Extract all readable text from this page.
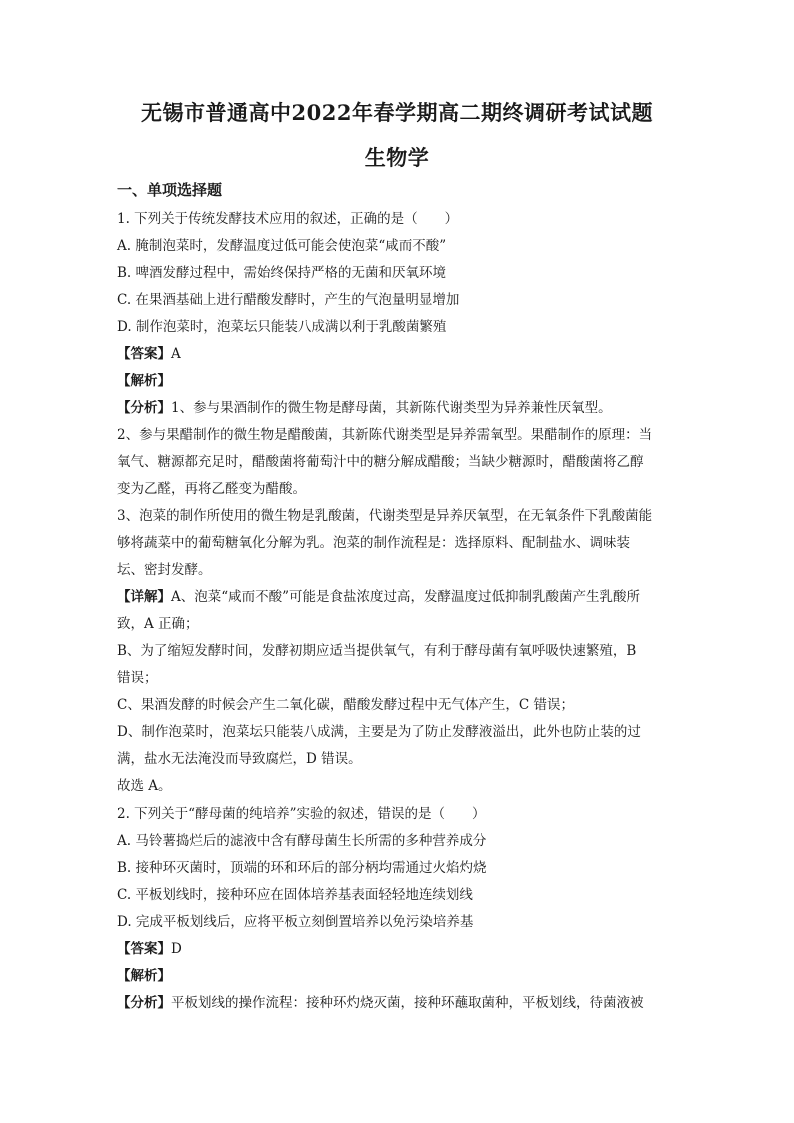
无锡市普通高中2022年春学期高二期终调研考试试题
生物学
一、单项选择题
1. 下列关于传统发酵技术应用的叙述，正确的是（　　）
A. 腌制泡菜时，发酵温度过低可能会使泡菜“咸而不酸”
B. 啤酒发酵过程中，需始终保持严格的无菌和厌氧环境
C. 在果酒基础上进行醋酸发酵时，产生的气泡量明显增加
D. 制作泡菜时，泡菜坛只能装八成满以利于乳酸菌繁殖
【答案】A
【解析】
【分析】1、参与果酒制作的微生物是酵母菌，其新陈代谢类型为异养兼性厌氧型。
2、参与果醋制作的微生物是醋酸菌，其新陈代谢类型是异养需氧型。果醋制作的原理：当
氧气、糖源都充足时，醋酸菌将葡萄汁中的糖分解成醋酸；当缺少糖源时，醋酸菌将乙醇
变为乙醛，再将乙醛变为醋酸。
3、泡菜的制作所使用的微生物是乳酸菌，代谢类型是异养厌氧型，在无氧条件下乳酸菌能
够将蔬菜中的葡萄糖氧化分解为乳。泡菜的制作流程是：选择原料、配制盐水、调味装
坛、密封发酵。
【详解】A、泡菜“咸而不酸”可能是食盐浓度过高，发酵温度过低抑制乳酸菌产生乳酸所
致，A 正确；
B、为了缩短发酵时间，发酵初期应适当提供氧气，有利于酵母菌有氧呼吸快速繁殖，B
错误；
C、果酒发酵的时候会产生二氧化碳，醋酸发酵过程中无气体产生，C 错误；
D、制作泡菜时，泡菜坛只能装八成满，主要是为了防止发酵液溢出，此外也防止装的过
满，盐水无法淹没而导致腐烂，D 错误。
故选 A。
2. 下列关于“酵母菌的纯培养”实验的叙述，错误的是（　　）
A. 马铃薯捣烂后的滤液中含有酵母菌生长所需的多种营养成分
B. 接种环灭菌时，顶端的环和环后的部分柄均需通过火焰灼烧
C. 平板划线时，接种环应在固体培养基表面轻轻地连续划线
D. 完成平板划线后，应将平板立刻倒置培养以免污染培养基
【答案】D
【解析】
【分析】平板划线的操作流程：接种环灼烧灭菌，接种环蘸取菌种，平板划线，待菌液被
